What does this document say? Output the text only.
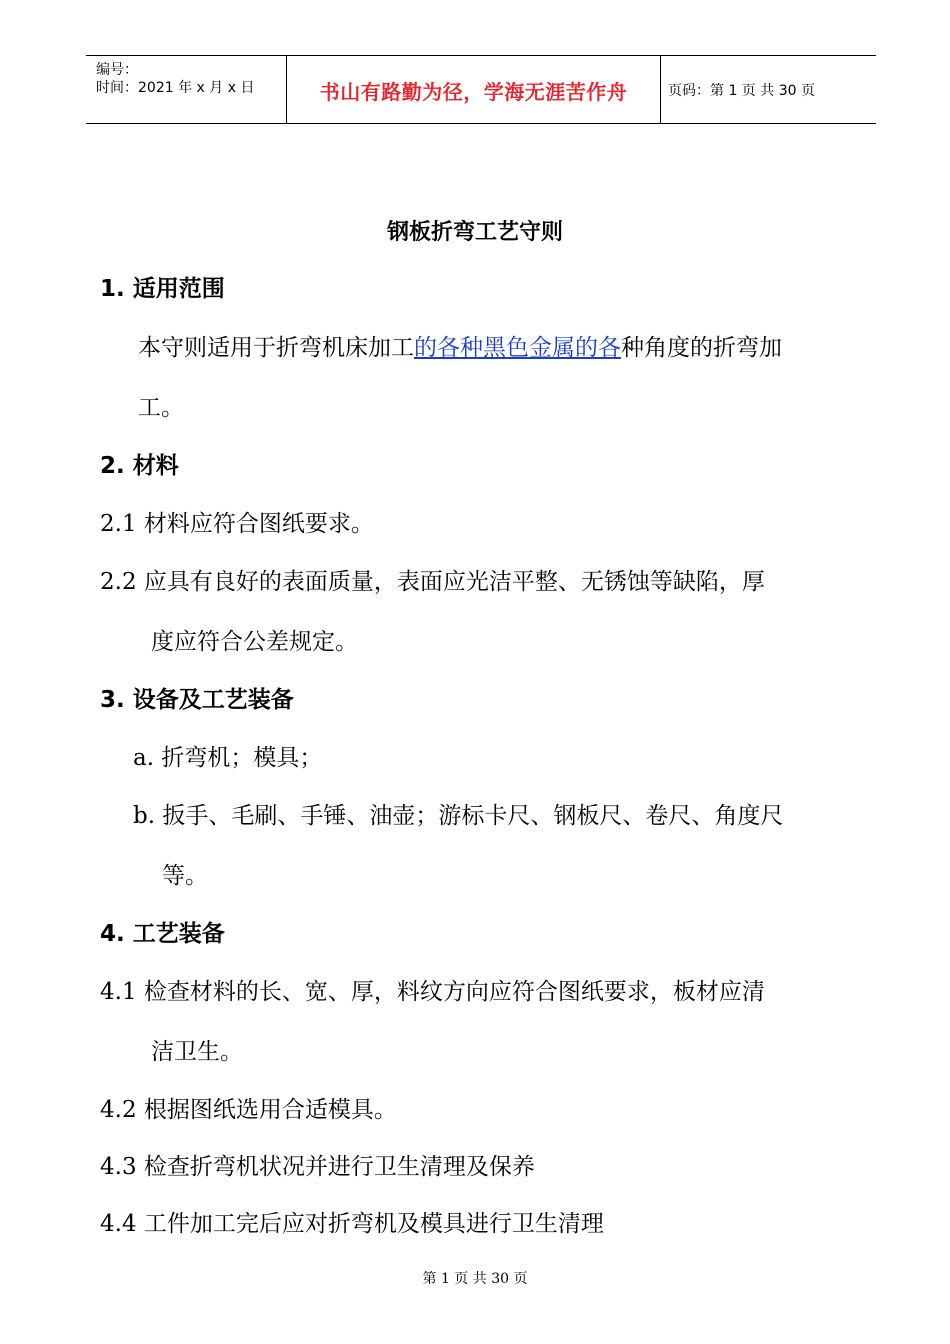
编号：
时间：2021 年 x 月 x 日	书山有路勤为径，学海无涯苦作舟	页码：第 1 页 共 30 页
钢板折弯工艺守则
1. 适用范围
本守则适用于折弯机床加工的各种黑色金属的各种角度的折弯加
工。
2. 材料
2.1 材料应符合图纸要求。
2.2 应具有良好的表面质量，表面应光洁平整、无锈蚀等缺陷，厚
度应符合公差规定。
3. 设备及工艺装备
a. 折弯机；模具；
b. 扳手、毛刷、手锤、油壶；游标卡尺、钢板尺、卷尺、角度尺
等。
4. 工艺装备
4.1 检查材料的长、宽、厚，料纹方向应符合图纸要求，板材应清
洁卫生。
4.2 根据图纸选用合适模具。
4.3 检查折弯机状况并进行卫生清理及保养
4.4 工件加工完后应对折弯机及模具进行卫生清理
第 1 页 共 30 页
